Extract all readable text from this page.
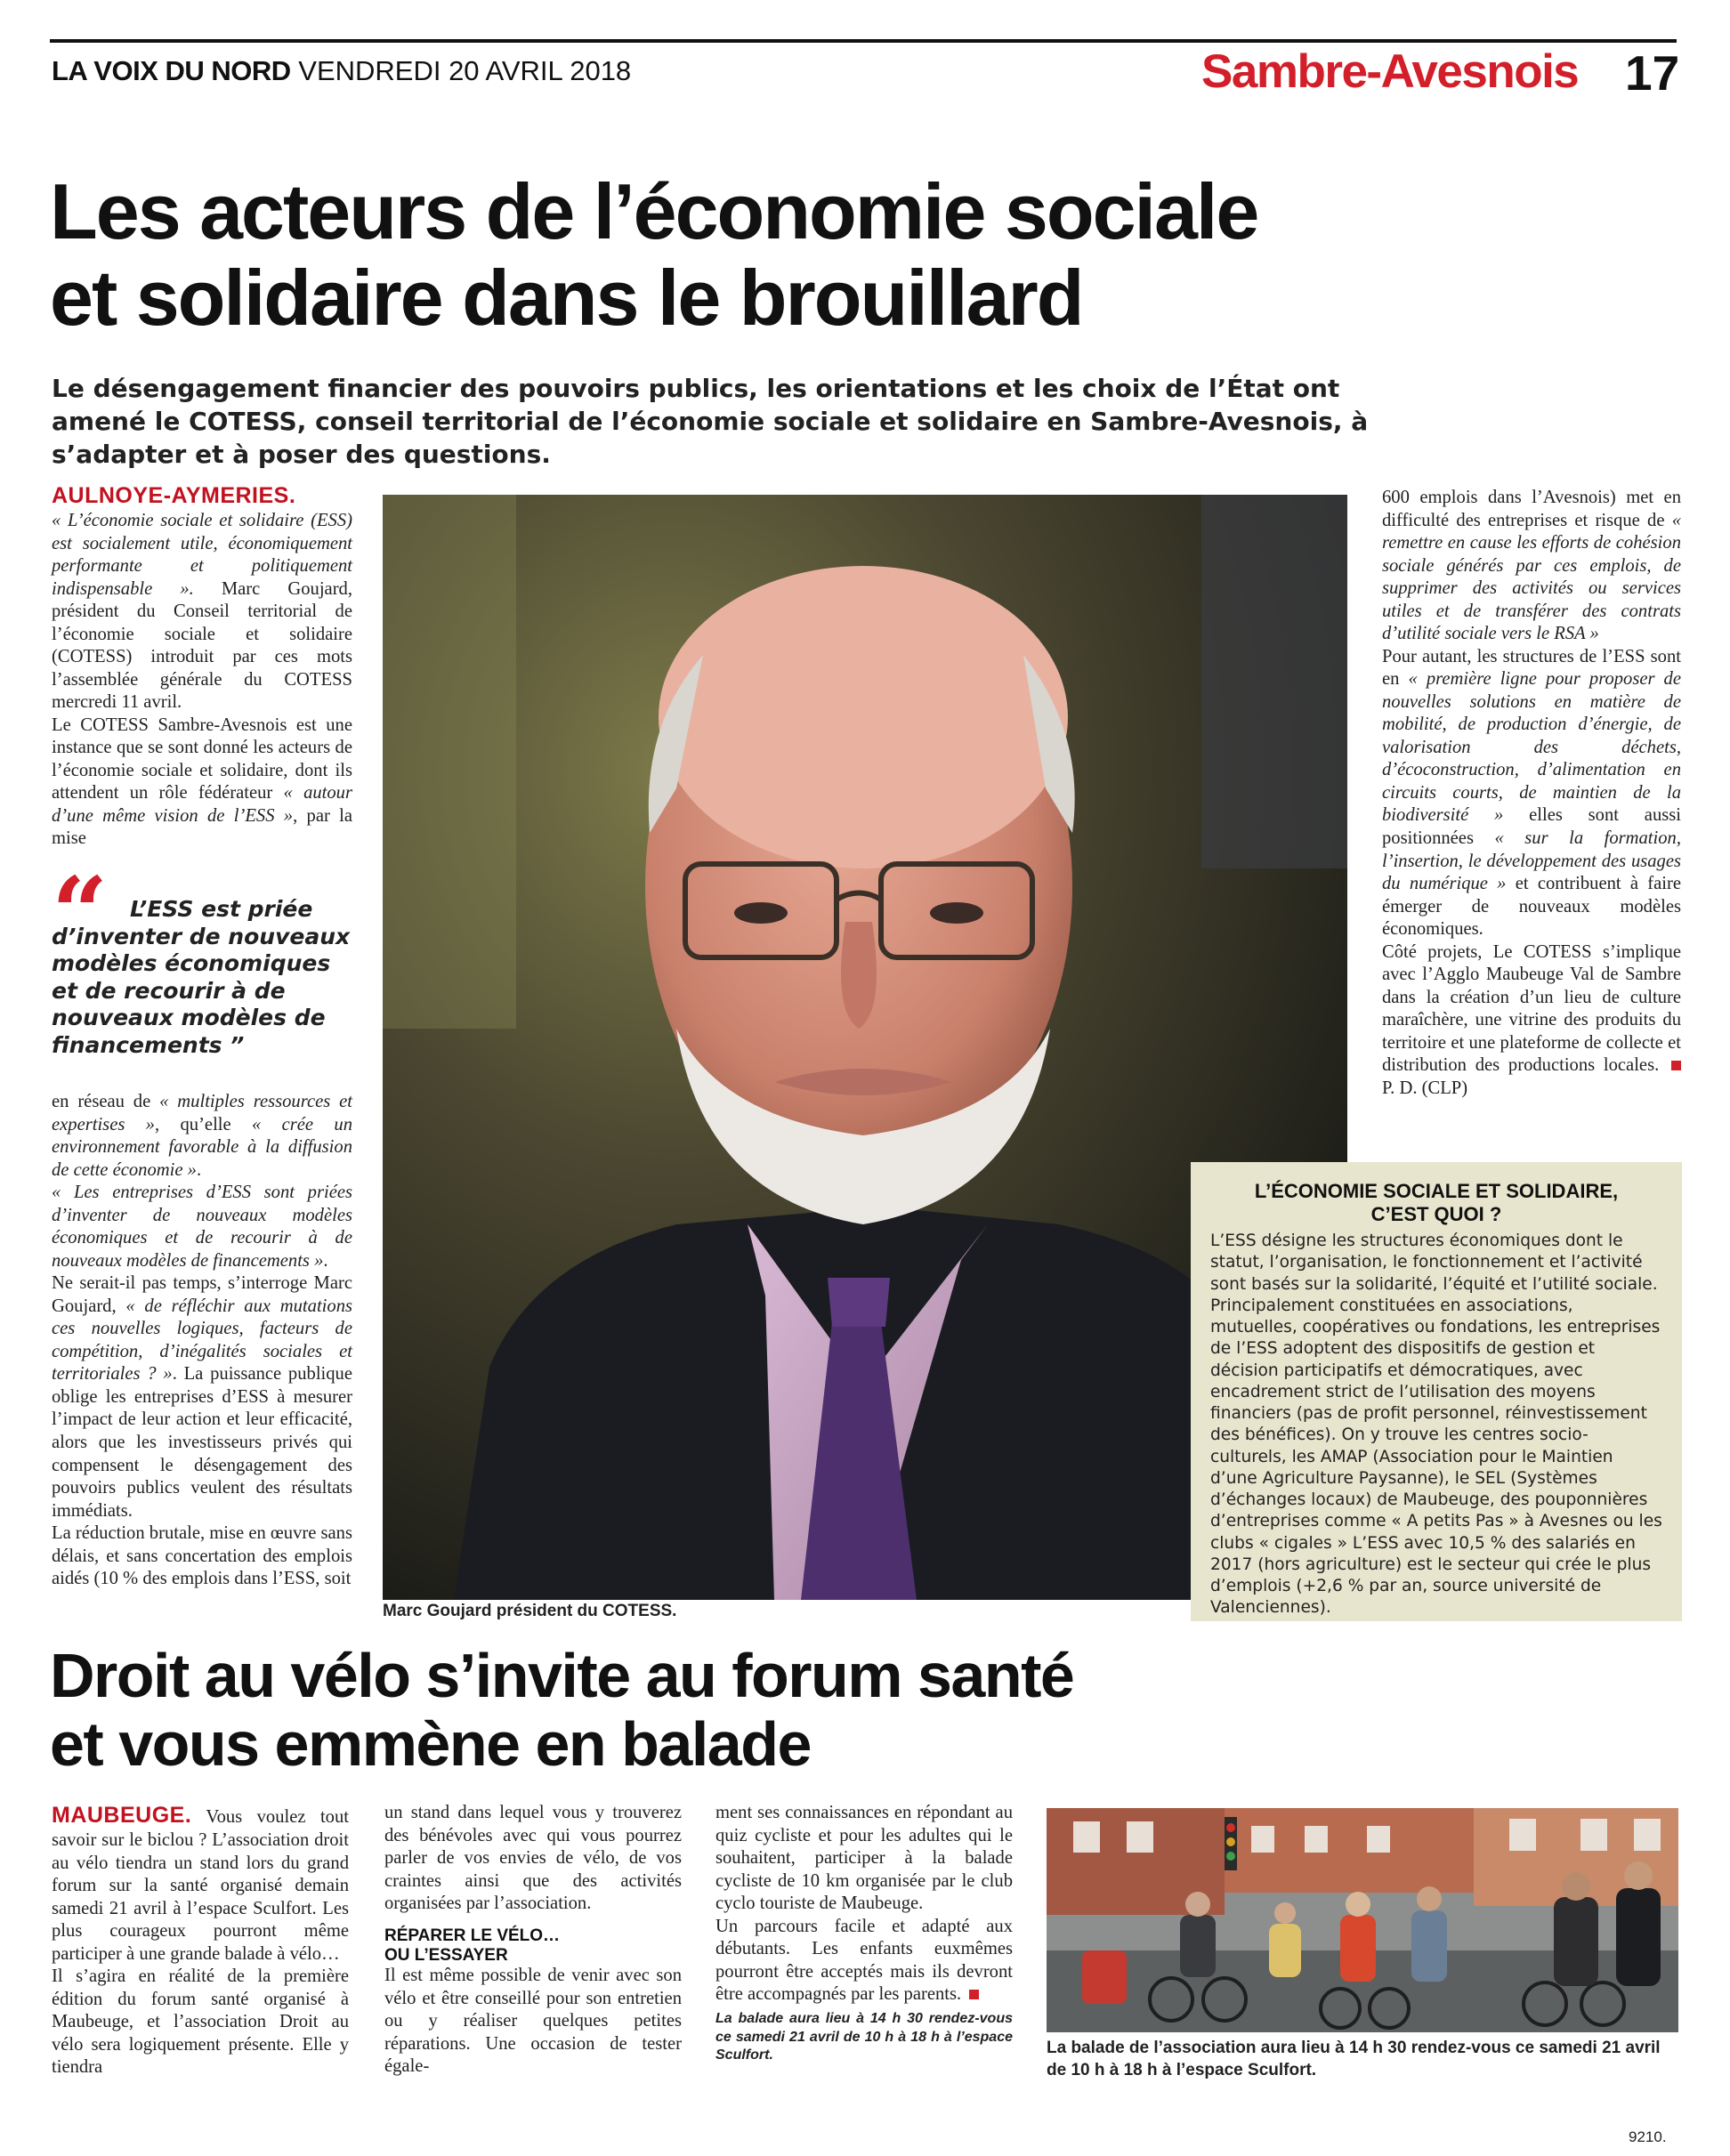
LA VOIX DU NORD VENDREDI 20 AVRIL 2018	Sambre-Avesnois 17
Les acteurs de l’économie sociale
et solidaire dans le brouillard
Le désengagement financier des pouvoirs publics, les orientations et les choix de l’État ont amené le COTESS, conseil territorial de l’économie sociale et solidaire en Sambre-Avesnois, à s’adapter et à poser des questions.

AULNOYE-AYMERIES.
« L’économie sociale et solidaire (ESS) est socialement utile, économiquement performante et politiquement indispensable ». Marc Goujard, président du Conseil territorial de l’économie sociale et solidaire (COTESS) introduit par ces mots l’assemblée générale du COTESS mercredi 11 avril.

Le COTESS Sambre-Avesnois est une instance que se sont donné les acteurs de l’économie sociale et solidaire, dont ils attendent un rôle fédérateur « autour d’une même vision de l’ESS », par la mise

“ L’ESS est priée d’inventer de nouveaux modèles économiques et de recourir à de nouveaux modèles de financements ”

en réseau de « multiples ressources et expertises », qu’elle « crée un environnement favorable à la diffusion de cette économie ».

« Les entreprises d’ESS sont priées d’inventer de nouveaux modèles économiques et de recourir à de nouveaux modèles de financements ».

Ne serait-il pas temps, s’interroge Marc Goujard, « de réfléchir aux mutations ces nouvelles logiques, facteurs de compétition, d’inégalités sociales et territoriales ? ». La puissance publique oblige les entreprises d’ESS à mesurer l’impact de leur action et leur efficacité, alors que les investisseurs privés qui compensent le désengagement des pouvoirs publics veulent des résultats immédiats.

La réduction brutale, mise en œuvre sans délais, et sans concertation des emplois aidés (10 % des emplois dans l’ESS, soit

Marc Goujard président du COTESS.

600 emplois dans l’Avesnois) met en difficulté des entreprises et risque de « remettre en cause les efforts de cohésion sociale générés par ces emplois, de supprimer des activités ou services utiles et de transférer des contrats d’utilité sociale vers le RSA »

Pour autant, les structures de l’ESS sont en « première ligne pour proposer de nouvelles solutions en matière de mobilité, de production d’énergie, de valorisation des déchets, d’écoconstruction, d’alimentation en circuits courts, de maintien de la biodiversité » elles sont aussi positionnées « sur la formation, l’insertion, le développement des usages du numérique » et contribuent à faire émerger de nouveaux modèles économiques.

Côté projets, Le COTESS s’implique avec l’Agglo Maubeuge Val de Sambre dans la création d’un lieu de culture maraîchère, une vitrine des produits du territoire et une plateforme de collecte et distribution des productions locales.  P. D. (CLP)

L’ÉCONOMIE SOCIALE ET SOLIDAIRE,
C’EST QUOI ?
L’ESS désigne les structures économiques dont le statut, l’organisation, le fonctionnement et l’activité sont basés sur la solidarité, l’équité et l’utilité sociale. Principalement constituées en associations, mutuelles, coopératives ou fondations, les entreprises de l’ESS adoptent des dispositifs de gestion et décision participatifs et démocratiques, avec encadrement strict de l’utilisation des moyens financiers (pas de profit personnel, réinvestissement des bénéfices). On y trouve les centres socio-culturels, les AMAP (Association pour le Maintien d’une Agriculture Paysanne), le SEL (Systèmes d’échanges locaux) de Maubeuge, des pouponnières d’entreprises comme « A petits Pas » à Avesnes ou les clubs « cigales » L’ESS avec 10,5 % des salariés en 2017 (hors agriculture) est le secteur qui crée le plus d’emplois (+2,6 % par an, source université de Valenciennes).
Droit au vélo s’invite au forum santé
et vous emmène en balade

MAUBEUGE. Vous voulez tout savoir sur le biclou ? L’association droit au vélo tiendra un stand lors du grand forum sur la santé organisé demain samedi 21 avril à l’espace Sculfort. Les plus courageux pourront même participer à une grande balade à vélo…

Il s’agira en réalité de la première édition du forum santé organisé à Maubeuge, et l’association Droit au vélo sera logiquement présente. Elle y tiendra

un stand dans lequel vous y trouverez des bénévoles avec qui vous pourrez parler de vos envies de vélo, de vos craintes ainsi que des activités organisées par l’association.

RÉPARER LE VÉLO…
OU L’ESSAYER

Il est même possible de venir avec son vélo et être conseillé pour son entretien ou y réaliser quelques petites réparations. Une occasion de tester égale-

ment ses connaissances en répondant au quiz cycliste et pour les adultes qui le souhaitent, participer à la balade cycliste de 10 km organisée par le club cyclo touriste de Maubeuge.

Un parcours facile et adapté aux débutants. Les enfants euxmêmes pourront être acceptés mais ils devront être accompagnés par les parents.

La balade aura lieu à 14 h 30 rendez-vous ce samedi 21 avril de 10 h à 18 h à l’espace Sculfort.	La balade de l’association aura lieu à 14 h 30 rendez-vous ce samedi 21 avril de 10 h à 18 h à l’espace Sculfort.
9210.
